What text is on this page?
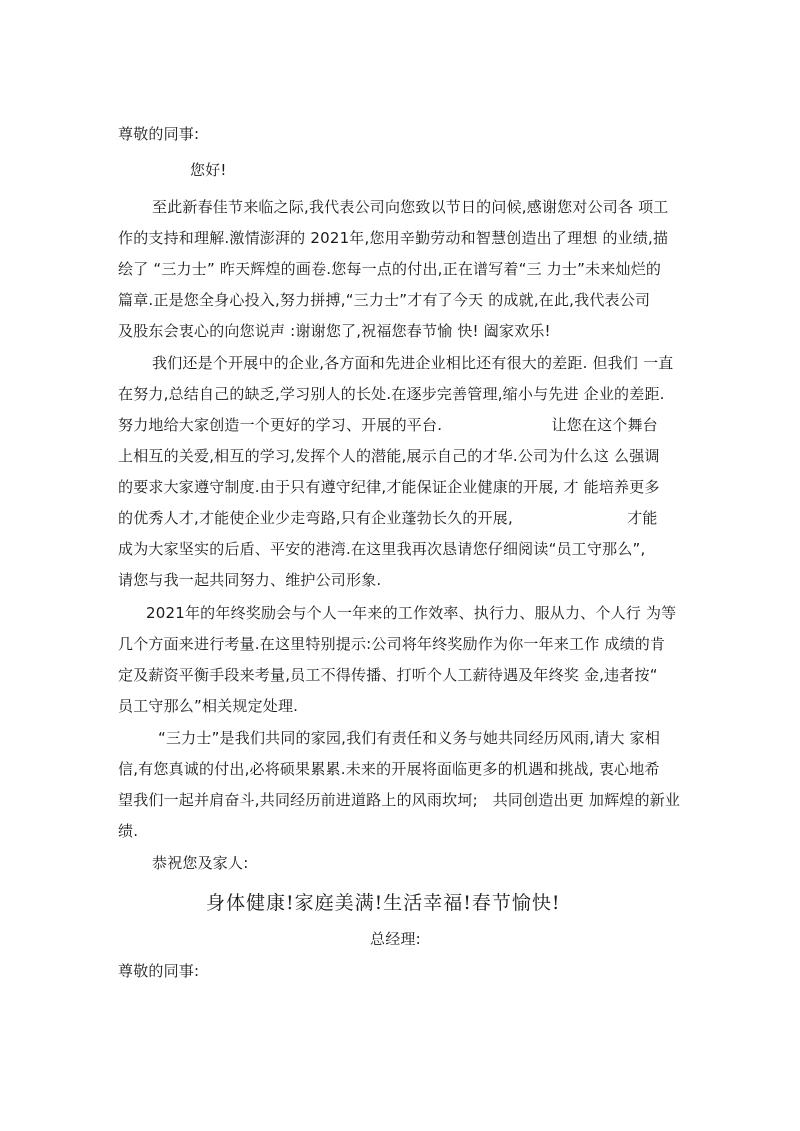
尊敬的同事:
您好!
至此新春佳节来临之际,我代表公司向您致以节日的问候,感谢您对公司各 项工
作的支持和理解.激情澎湃的 2021年,您用辛勤劳动和智慧创造出了理想 的业绩,描
绘了 “三力士” 昨天辉煌的画卷.您每一点的付出,正在谱写着“三 力士”未来灿烂的
篇章.正是您全身心投入,努力拼搏,“三力士”才有了今天 的成就,在此,我代表公司
及股东会衷心的向您说声 :谢谢您了,祝福您春节愉 快! 阖家欢乐!
我们还是个开展中的企业,各方面和先进企业相比还有很大的差距. 但我们 一直
在努力,总结自己的缺乏,学习别人的长处.在逐步完善管理,缩小与先进 企业的差距.
努力地给大家创造一个更好的学习、开展的平台.                      让您在这个舞台
上相互的关爱,相互的学习,发挥个人的潜能,展示自己的才华.公司为什么这 么强调
的要求大家遵守制度.由于只有遵守纪律,才能保证企业健康的开展, 才 能培养更多
的优秀人才,才能使企业少走弯路,只有企业蓬勃长久的开展,                       才能
成为大家坚实的后盾、平安的港湾.在这里我再次恳请您仔细阅读“员工守那么”,
请您与我一起共同努力、维护公司形象.
2021年的年终奖励会与个人一年来的工作效率、执行力、服从力、个人行 为等
几个方面来进行考量.在这里特别提示:公司将年终奖励作为你一年来工作 成绩的肯
定及薪资平衡手段来考量,员工不得传播、打听个人工薪待遇及年终奖 金,违者按“
员工守那么”相关规定处理.
“三力士”是我们共同的家园,我们有责任和义务与她共同经历风雨,请大 家相
信,有您真诚的付出,必将硕果累累.未来的开展将面临更多的机遇和挑战, 衷心地希
望我们一起并肩奋斗,共同经历前进道路上的风雨坎坷;   共同创造出更 加辉煌的新业
绩.
恭祝您及家人:
身体健康!家庭美满!生活幸福!春节愉快!
总经理:
尊敬的同事:
